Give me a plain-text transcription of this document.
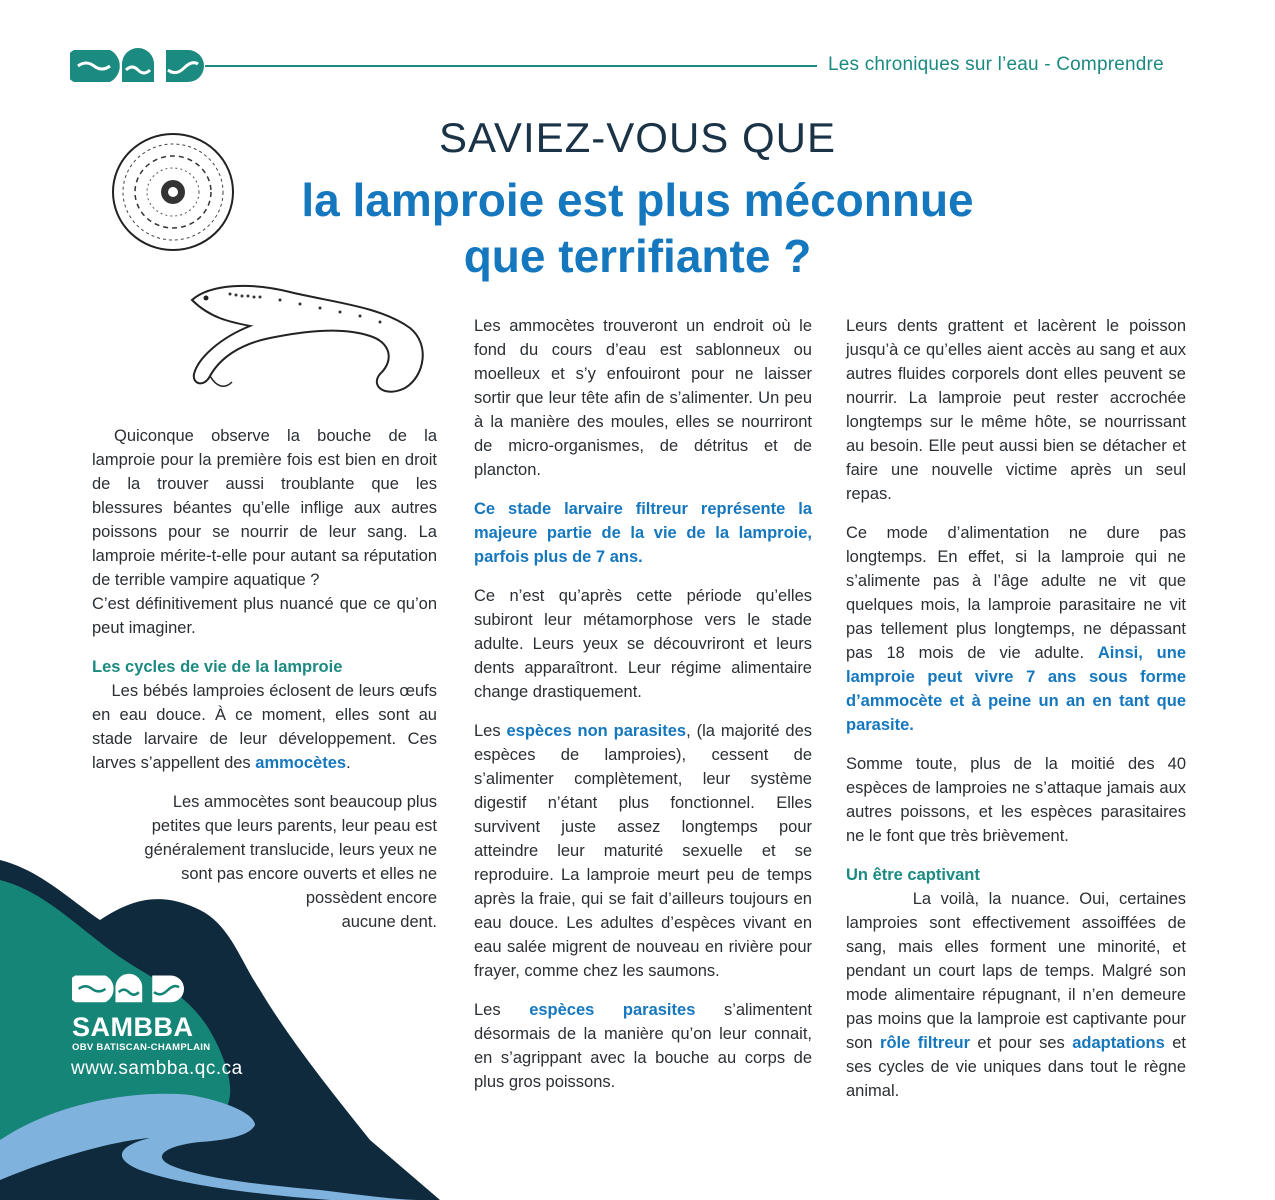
Les chroniques sur l’eau - Comprendre
SAVIEZ-VOUS QUE
la lamproie est plus méconnue
que terrifiante ?

Quiconque observe la bouche de la lamproie pour la première fois est bien en droit de la trouver aussi troublante que les blessures béantes qu’elle inflige aux autres poissons pour se nourrir de leur sang. La lamproie mérite-t-elle pour autant sa réputation de terrible vampire aquatique ?

C’est définitivement plus nuancé que ce qu’on peut imaginer.

Les cycles de vie de la lamproie
Les bébés lamproies éclosent de leurs œufs en eau douce. À ce moment, elles sont au stade larvaire de leur développement. Ces larves s’appellent des ammocètes.

Les ammocètes sont beaucoup plus
petites que leurs parents, leur peau est
généralement translucide, leurs yeux ne
sont pas encore ouverts et elles ne
possèdent encore
aucune dent.

Les ammocètes trouveront un endroit où le fond du cours d’eau est sablonneux ou moelleux et s’y enfouiront pour ne laisser sortir que leur tête afin de s’alimenter. Un peu à la manière des moules, elles se nourriront de micro-organismes, de détritus et de plancton.

Ce stade larvaire filtreur représente la majeure partie de la vie de la lamproie, parfois plus de 7 ans.

Ce n’est qu’après cette période qu’elles subiront leur métamorphose vers le stade adulte. Leurs yeux se découvriront et leurs dents apparaîtront. Leur régime alimentaire change drastiquement.

Les espèces non parasites, (la majorité des espèces de lamproies), cessent de s’alimenter complètement, leur système digestif n’étant plus fonctionnel. Elles survivent juste assez longtemps pour atteindre leur maturité sexuelle et se reproduire. La lamproie meurt peu de temps après la fraie, qui se fait d’ailleurs toujours en eau douce. Les adultes d’espèces vivant en eau salée migrent de nouveau en rivière pour frayer, comme chez les saumons.

Les espèces parasites s’alimentent désormais de la manière qu’on leur connait, en s’agrippant avec la bouche au corps de plus gros poissons.

Leurs dents grattent et lacèrent le poisson jusqu’à ce qu’elles aient accès au sang et aux autres fluides corporels dont elles peuvent se nourrir. La lamproie peut rester accrochée longtemps sur le même hôte, se nourrissant au besoin. Elle peut aussi bien se détacher et faire une nouvelle victime après un seul repas.

Ce mode d’alimentation ne dure pas longtemps. En effet, si la lamproie qui ne s’alimente pas à l’âge adulte ne vit que quelques mois, la lamproie parasitaire ne vit pas tellement plus longtemps, ne dépassant pas 18 mois de vie adulte. Ainsi, une lamproie peut vivre 7 ans sous forme d’ammocète et à peine un an en tant que parasite.

Somme toute, plus de la moitié des 40 espèces de lamproies ne s’attaque jamais aux autres poissons, et les espèces parasitaires ne le font que très brièvement.

Un être captivant
La voilà, la nuance. Oui, certaines lamproies sont effectivement assoiffées de sang, mais elles forment une minorité, et pendant un court laps de temps. Malgré son mode alimentaire répugnant, il n’en demeure pas moins que la lamproie est captivante pour son rôle filtreur et pour ses adaptations et ses cycles de vie uniques dans tout le règne animal.

SAMBBA
OBV BATISCAN-CHAMPLAIN
www.sambba.qc.ca
